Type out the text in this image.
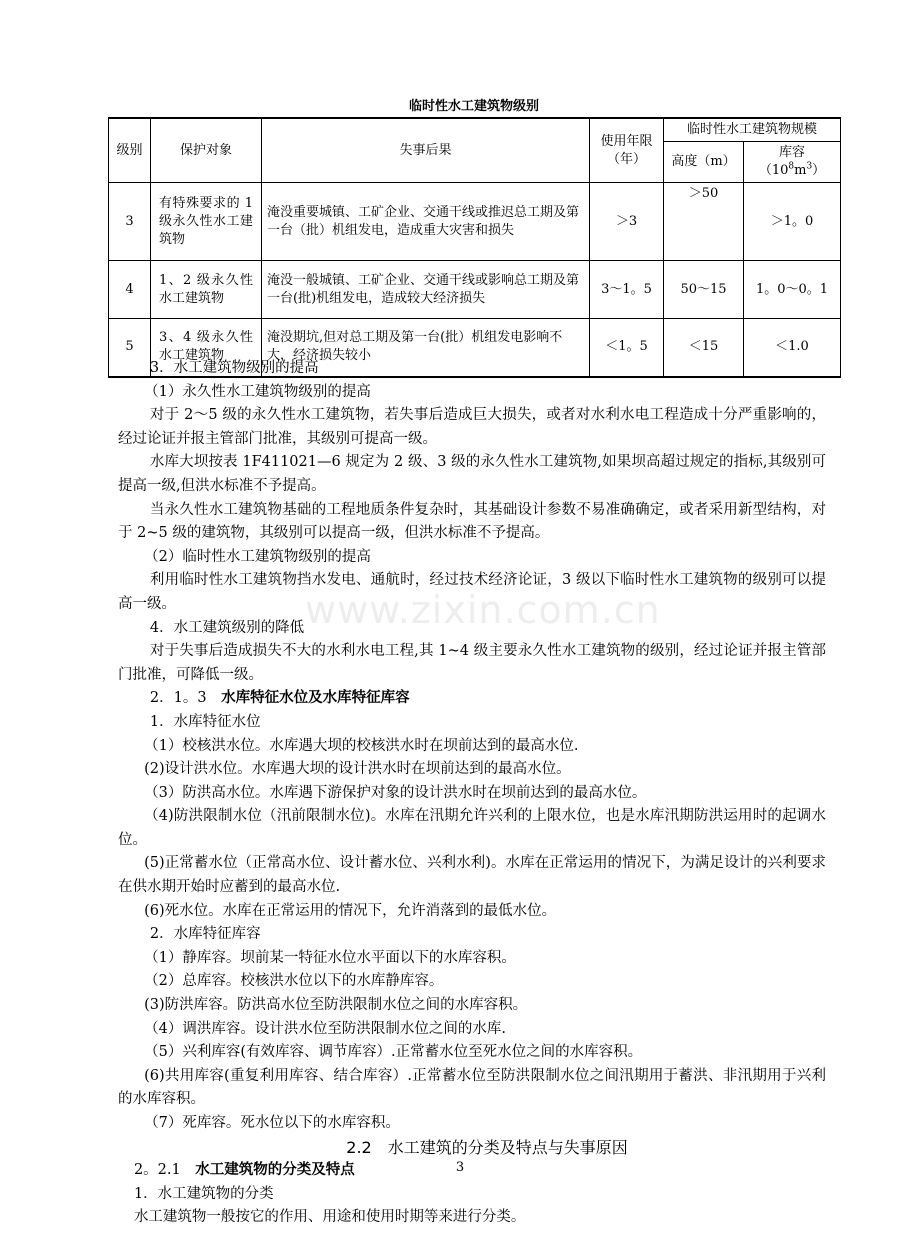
临时性水工建筑物级别
级别	保护对象	失事后果	使用年限（年）	临时性水工建筑物规模	
				高度（m）	库容$(10^8m^3)$
3	有特殊要求的 1 级永久性水工建筑物	淹没重要城镇、工矿企业、交通干线或推迟总工期及第一台（批）机组发电，造成重大灾害和损失	＞3	＞50	＞1。0
4	1、2 级永久性水工建筑物	淹没一般城镇、工矿企业、交通干线或影响总工期及第一台(批)机组发电，造成较大经济损失	3～1。5	50～15	1。0～0。1
5	3、4 级永久性水工建筑物	淹没期坑,但对总工期及第一台(批）机组发电影响不大，经济损失较小	＜1。5	＜15	＜1.0

3．水工建筑物级别的提高

（1）永久性水工建筑物级别的提高

对于 2～5 级的永久性水工建筑物，若失事后造成巨大损失，或者对水利水电工程造成十分严重影响的，经过论证并报主管部门批准，其级别可提高一级。

水库大坝按表 1F411021—6 规定为 2 级、3 级的永久性水工建筑物,如果坝高超过规定的指标,其级别可提高一级,但洪水标准不予提高。

当永久性水工建筑物基础的工程地质条件复杂时，其基础设计参数不易准确确定，或者采用新型结构，对于 2~5 级的建筑物，其级别可以提高一级，但洪水标准不予提高。

（2）临时性水工建筑物级别的提高

利用临时性水工建筑物挡水发电、通航时，经过技术经济论证，3 级以下临时性水工建筑物的级别可以提高一级。

4．水工建筑级别的降低

对于失事后造成损失不大的水利水电工程,其 1~4 级主要永久性水工建筑物的级别，经过论证并报主管部门批准，可降低一级。

2．1。3　 水库特征水位及水库特征库容

1．水库特征水位

（1）校核洪水位。水库遇大坝的校核洪水时在坝前达到的最高水位.

(2)设计洪水位。水库遇大坝的设计洪水时在坝前达到的最高水位。

（3）防洪高水位。水库遇下游保护对象的设计洪水时在坝前达到的最高水位。

（4)防洪限制水位（汛前限制水位)。水库在汛期允许兴利的上限水位，也是水库汛期防洪运用时的起调水位。

(5)正常蓄水位（正常高水位、设计蓄水位、兴利水利)。水库在正常运用的情况下，为满足设计的兴利要求在供水期开始时应蓄到的最高水位.

(6)死水位。水库在正常运用的情况下，允许消落到的最低水位。

2．水库特征库容

（1）静库容。坝前某一特征水位水平面以下的水库容积。

（2）总库容。校核洪水位以下的水库静库容。

(3)防洪库容。防洪高水位至防洪限制水位之间的水库容积。

（4）调洪库容。设计洪水位至防洪限制水位之间的水库.

（5）兴利库容(有效库容、调节库容）.正常蓄水位至死水位之间的水库容积。

(6)共用库容(重复利用库容、结合库容）.正常蓄水位至防洪限制水位之间汛期用于蓄洪、非汛期用于兴利的水库容积。

（7）死库容。死水位以下的水库容积。

2.2　水工建筑的分类及特点与失事原因

2。2.1　 水工建筑物的分类及特点

1．水工建筑物的分类

水工建筑物一般按它的作用、用途和使用时期等来进行分类。

www.zixin.com.cn
3
